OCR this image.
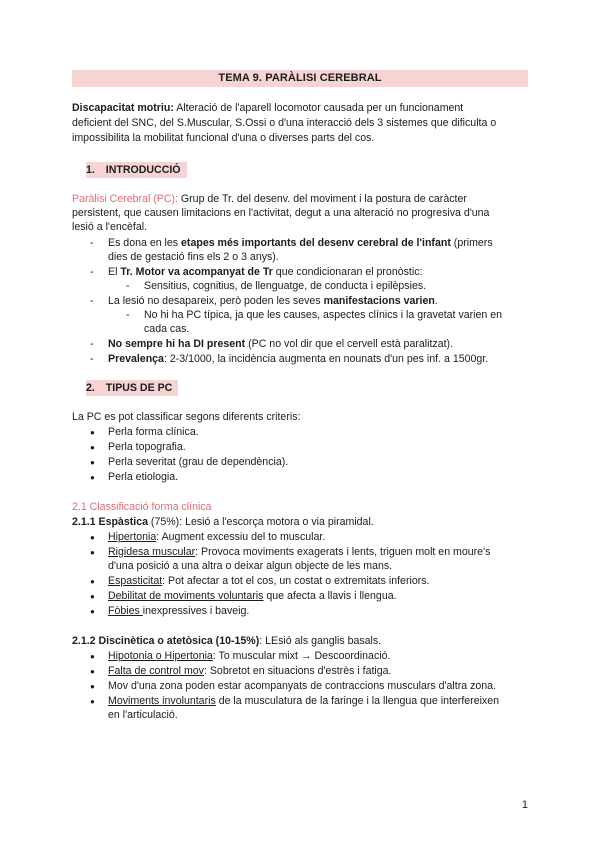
TEMA 9. PARÀLISI CEREBRAL
Discapacitat motriu: Alteració de l'aparell locomotor causada per un funcionament
deficient del SNC, del S.Muscular, S.Ossi o d'una interacció dels 3 sistemes que dificulta o
impossibilita la mobilitat funcional d'una o diverses parts del cos.
1. INTRODUCCIÓ
Paràlisi Cerebral (PC): Grup de Tr. del desenv. del moviment i la postura de caràcter
persistent, que causen limitacions en l'activitat, degut a una alteració no progresiva d'una
lesió a l'encèfal.
- Es dona en les etapes més importants del desenv cerebral de l'infant (primers
dies de gestació fins els 2 o 3 anys).
- El Tr. Motor va acompanyat de Tr que condicionaran el pronòstic:
- Sensitius, cognitius, de llenguatge, de conducta i epilèpsies.
- La lesió no desapareix, però poden les seves manifestacions varien.
- No hi ha PC típica, ja que les causes, aspectes clínics i la gravetat varien en
cada cas.
- No sempre hi ha DI present (PC no vol dir que el cervell està paralitzat).
- Prevalença: 2-3/1000, la incidència augmenta en nounats d'un pes inf. a 1500gr.
2. TIPUS DE PC
La PC es pot classificar segons diferents criteris:
● Perla forma clínica.
● Perla topografia.
● Perla severitat (grau de dependència).
● Perla etiologia.
2.1 Classificació forma clínica
2.1.1 Espàstica (75%): Lesió a l'escorça motora o via piramidal.
● Hipertonia: Augment excessiu del to muscular.
● Rigidesa muscular: Provoca moviments exagerats i lents, triguen molt en moure's
d'una posició a una altra o deixar algun objecte de les mans.
● Espasticitat: Pot afectar a tot el cos, un costat o extremitats inferiors.
● Debilitat de moviments voluntaris que afecta a llavis i llengua.
● Fòbies inexpressives i baveig.
2.1.2 Discinètica o atetòsica (10-15%): LEsió als ganglis basals.
● Hipotonia o Hipertonia: To muscular mixt → Descoordinació.
● Falta de control mov: Sobretot en situacions d'estrès i fatiga.
● Mov d'una zona poden estar acompanyats de contraccions musculars d'altra zona.
● Moviments involuntaris de la musculatura de la faringe i la llengua que interfereixen
en l'articulació.
1
